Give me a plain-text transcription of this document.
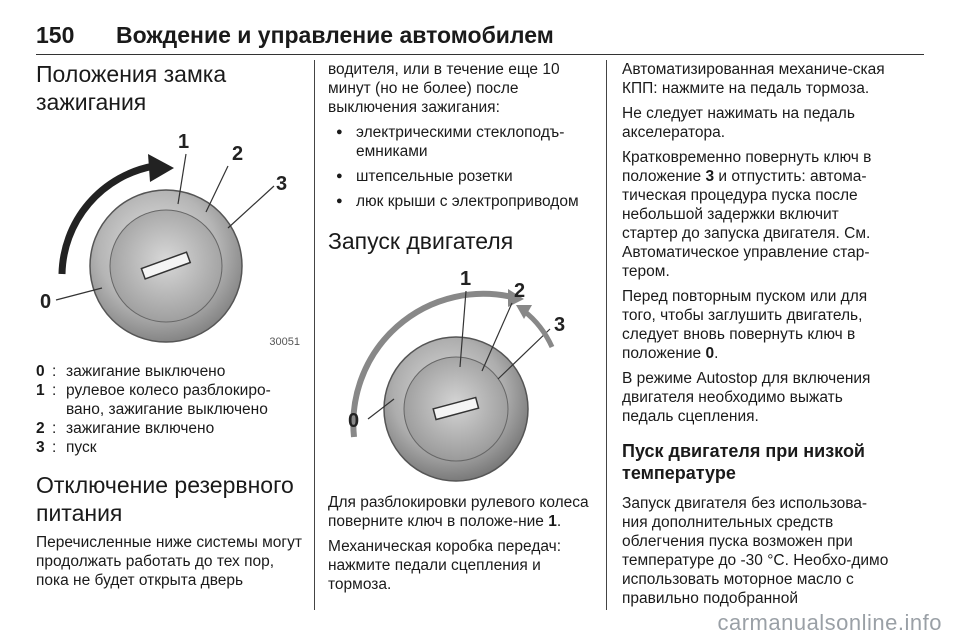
150 Вождение и управление автомобилем
Положения замка зажигания
0
1
2
3
30051
0 : зажигание выключено
1 : рулевое колесо разблокиро-вано, зажигание выключено
2 : зажигание включено
3 : пуск
Отключение резервного питания

Перечисленные ниже системы могут продолжать работать до тех пор, пока не будет открыта дверь

водителя, или в течение еще 10 минут (но не более) после выключения зажигания:

● электрическими стеклоподъ-емниками
● штепсельные розетки
● люк крыши с электроприводом
Запуск двигателя
0
1
2
3

Для разблокировки рулевого колеса поверните ключ в положе-ние 1.

Механическая коробка передач: нажмите педали сцепления и тормоза.

Автоматизированная механиче-ская КПП: нажмите на педаль тормоза.

Не следует нажимать на педаль акселератора.

Кратковременно повернуть ключ в положение 3 и отпустить: автома-тическая процедура пуска после небольшой задержки включит стартер до запуска двигателя. См. Автоматическое управление стар-тером.

Перед повторным пуском или для того, чтобы заглушить двигатель, следует вновь повернуть ключ в положение 0.

В режиме Autostop для включения двигателя необходимо выжать педаль сцепления.

Пуск двигателя при низкой температуре

Запуск двигателя без использова-ния дополнительных средств облегчения пуска возможен при температуре до -30 °C. Необхо-димо использовать моторное масло с правильно подобранной

carmanualsonline.info
